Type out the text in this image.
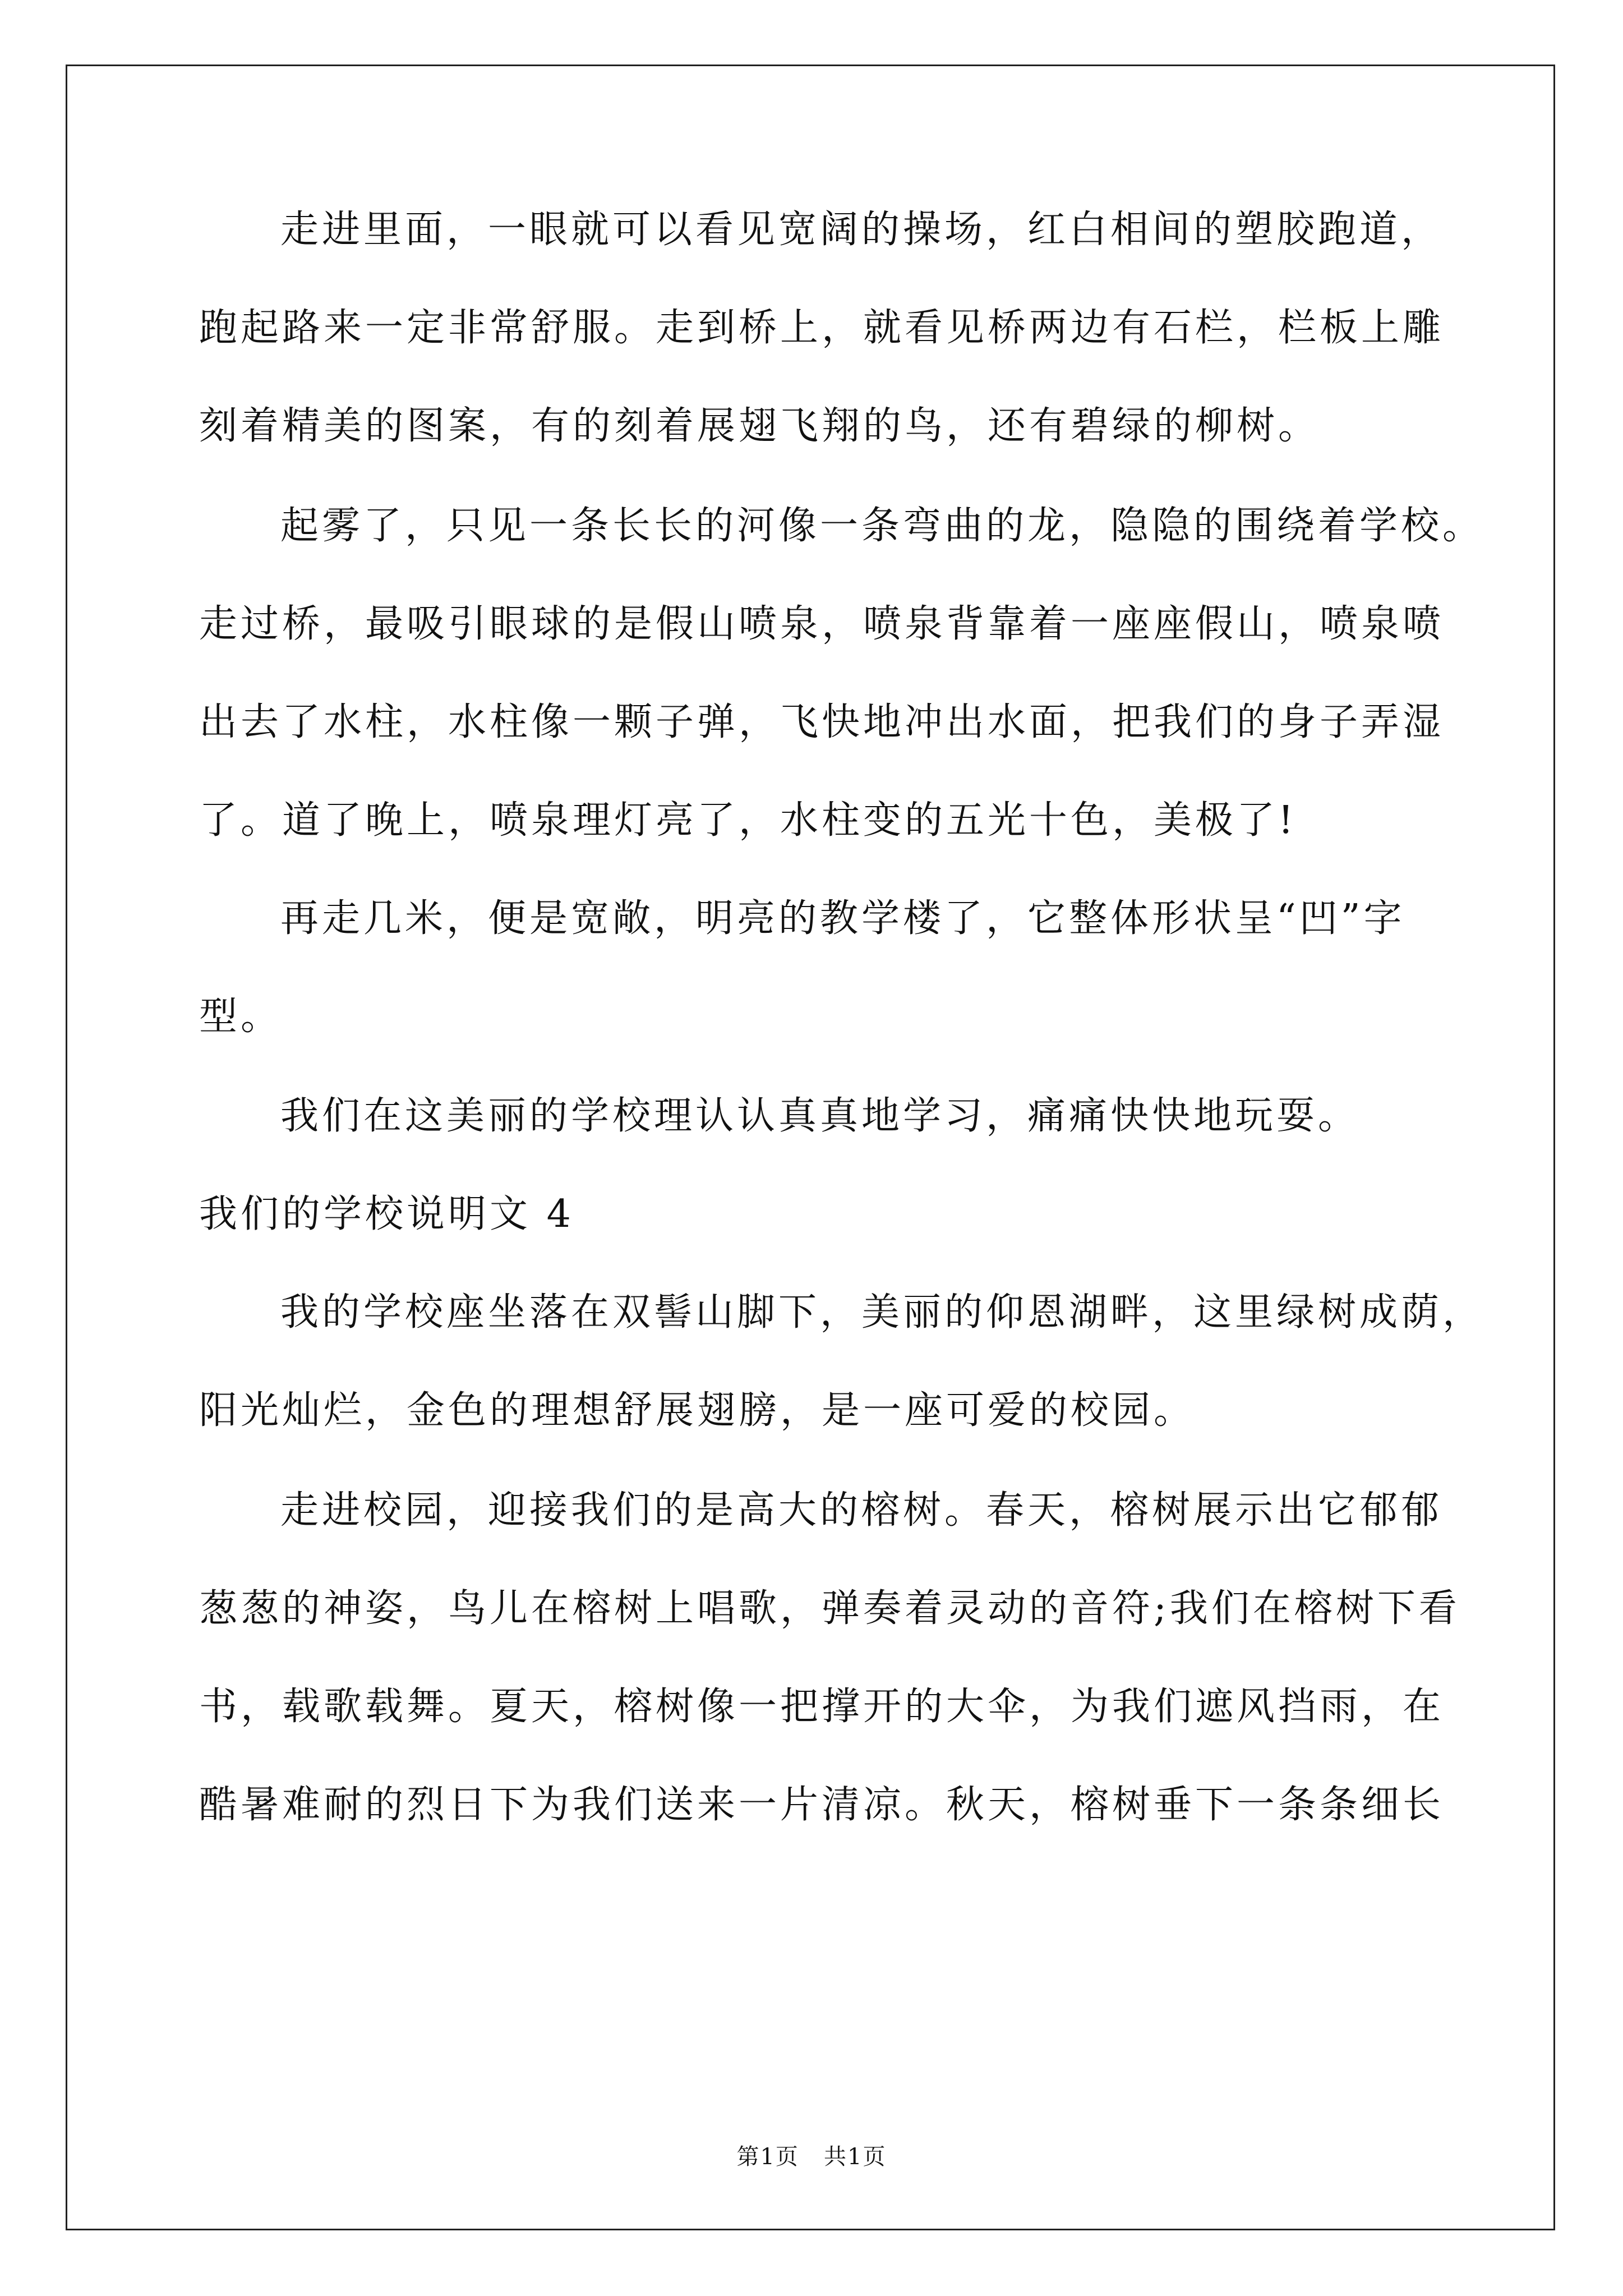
走进里面，一眼就可以看见宽阔的操场，红白相间的塑胶跑道，
跑起路来一定非常舒服。走到桥上，就看见桥两边有石栏，栏板上雕
刻着精美的图案，有的刻着展翅飞翔的鸟，还有碧绿的柳树。
起雾了，只见一条长长的河像一条弯曲的龙，隐隐的围绕着学校。
走过桥，最吸引眼球的是假山喷泉，喷泉背靠着一座座假山，喷泉喷
出去了水柱，水柱像一颗子弹，飞快地冲出水面，把我们的身子弄湿
了。道了晚上，喷泉理灯亮了，水柱变的五光十色，美极了!
再走几米，便是宽敞，明亮的教学楼了，它整体形状呈“凹”字
型。
我们在这美丽的学校理认认真真地学习，痛痛快快地玩耍。
我们的学校说明文 4
我的学校座坐落在双髻山脚下，美丽的仰恩湖畔，这里绿树成荫，
阳光灿烂，金色的理想舒展翅膀，是一座可爱的校园。
走进校园，迎接我们的是高大的榕树。春天，榕树展示出它郁郁
葱葱的神姿，鸟儿在榕树上唱歌，弹奏着灵动的音符;我们在榕树下看
书，载歌载舞。夏天，榕树像一把撑开的大伞，为我们遮风挡雨，在
酷暑难耐的烈日下为我们送来一片清凉。秋天，榕树垂下一条条细长
第1页   共1页
